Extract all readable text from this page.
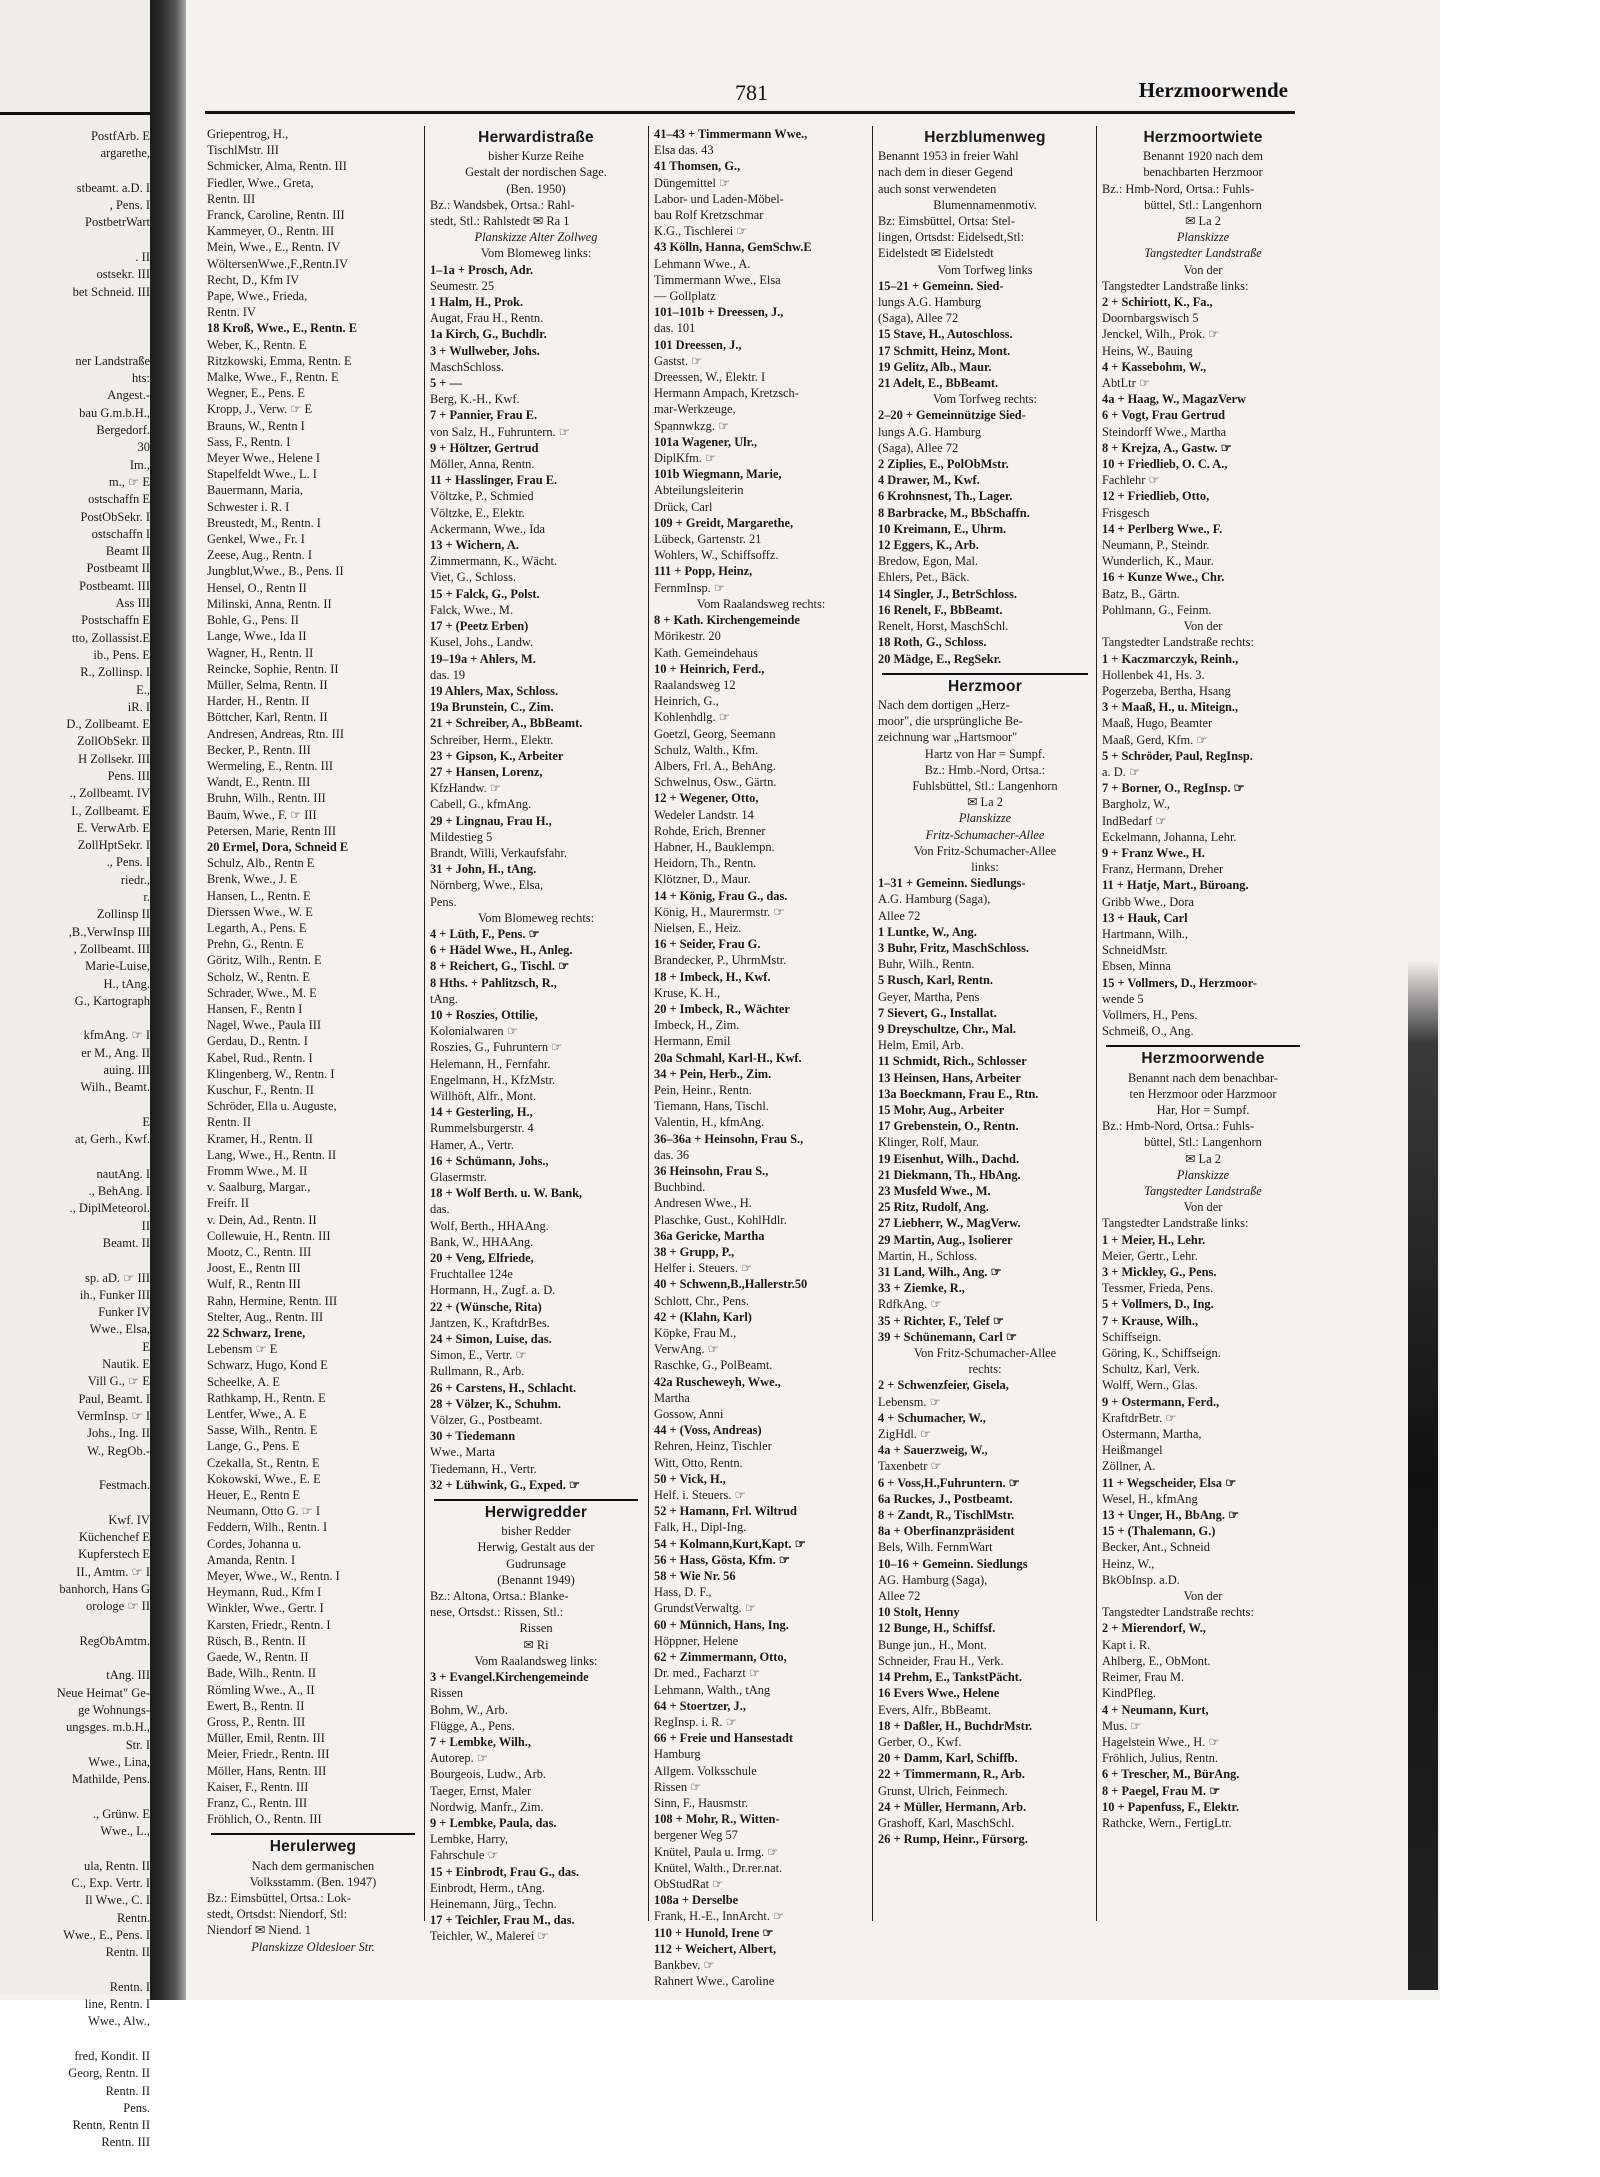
PostfArb. E
argarethe,
stbeamt. a.D. I
, Pens. I
PostbetrWart
. II
ostsekr. III
bet Schneid. III
ner Landstraße
hts:
Angest.-
bau G.m.b.H.,
Bergedorf.
30
Im.,
m., ☞ E
ostschaffn E
PostObSekr. I
ostschaffn I
Beamt II
Postbeamt II
Postbeamt. III
Ass III
Postschaffn E
tto, Zollassist.E
ib., Pens. E
R., Zollinsp. I
E.,
iR. I
D., Zollbeamt. E
ZollObSekr. II
H Zollsekr. III
Pens. III
., Zollbeamt. IV
I., Zollbeamt. E
E. VerwArb. E
ZollHptSekr. I
., Pens. I
riedr.,
r.
Zollinsp II
,B.,VerwInsp III
, Zollbeamt. III
Marie-Luise,
H., tAng.
G., Kartograph
kfmAng. ☞ I
er M., Ang. II
auing. III
Wilh., Beamt.
E
at, Gerh., Kwf.
nautAng. I
., BehAng. I
., DiplMeteorol.
II
Beamt. II
sp. aD. ☞ III
ih., Funker III
Funker IV
Wwe., Elsa,
E
Nautik. E
Vill G., ☞ E
Paul, Beamt. I
VermInsp. ☞ I
Johs., Ing. II
W., RegOb.-
Festmach.
Kwf. IV
Küchenchef E
Kupferstech E
II., Amtm. ☞ I
banhorch, Hans G
orologe ☞ II
RegObAmtm.
tAng. III
Neue Heimat" Ge-
ge Wohnungs-
ungsges. m.b.H.,
Str. I
Wwe., Lina,
Mathilde, Pens.
., Grünw. E
Wwe., L.,
ula, Rentn. II
C., Exp. Vertr. I
Il Wwe., C. I
Rentn.
Wwe., E., Pens. I
Rentn. II
Rentn. I
line, Rentn. I
Wwe., Alw.,
fred, Kondit. II
Georg, Rentn. II
Rentn. II
Pens.
Rentn, Rentn II
Rentn. III
781	Herzmoorwende
Griepentrog, H.,
TischlMstr. III
Schmicker, Alma, Rentn. III
Fiedler, Wwe., Greta,
Rentn. III
Franck, Caroline, Rentn. III
Kammeyer, O., Rentn. III
Mein, Wwe., E., Rentn. IV
WöltersenWwe.,F.,Rentn.IV
Recht, D., Kfm IV
Pape, Wwe., Frieda,
Rentn. IV
18 Kroß, Wwe., E., Rentn. E
Weber, K., Rentn. E
Ritzkowski, Emma, Rentn. E
Malke, Wwe., F., Rentn. E
Wegner, E., Pens. E
Kropp, J., Verw. ☞ E
Brauns, W., Rentn I
Sass, F., Rentn. I
Meyer Wwe., Helene I
Stapelfeldt Wwe., L. I
Bauermann, Maria,
Schwester i. R. I
Breustedt, M., Rentn. I
Genkel, Wwe., Fr. I
Zeese, Aug., Rentn. I
Jungblut,Wwe., B., Pens. II
Hensel, O., Rentn II
Milinski, Anna, Rentn. II
Bohle, G., Pens. II
Lange, Wwe., Ida II
Wagner, H., Rentn. II
Reincke, Sophie, Rentn. II
Müller, Selma, Rentn. II
Harder, H., Rentn. II
Böttcher, Karl, Rentn. II
Andresen, Andreas, Rtn. III
Becker, P., Rentn. III
Wermeling, E., Rentn. III
Wandt, E., Rentn. III
Bruhn, Wilh., Rentn. III
Baum, Wwe., F. ☞ III
Petersen, Marie, Rentn III
20 Ermel, Dora, Schneid E
Schulz, Alb., Rentn E
Brenk, Wwe., J. E
Hansen, L., Rentn. E
Dierssen Wwe., W. E
Legarth, A., Pens. E
Prehn, G., Rentn. E
Göritz, Wilh., Rentn. E
Scholz, W., Rentn. E
Schrader, Wwe., M. E
Hansen, F., Rentn I
Nagel, Wwe., Paula III
Gerdau, D., Rentn. I
Kabel, Rud., Rentn. I
Klingenberg, W., Rentn. I
Kuschur, F., Rentn. II
Schröder, Ella u. Auguste,
Rentn. II
Kramer, H., Rentn. II
Lang, Wwe., H., Rentn. II
Fromm Wwe., M. II
v. Saalburg, Margar.,
Freifr. II
v. Dein, Ad., Rentn. II
Collewuie, H., Rentn. III
Mootz, C., Rentn. III
Joost, E., Rentn III
Wulf, R., Rentn III
Rahn, Hermine, Rentn. III
Stelter, Aug., Rentn. III
22 Schwarz, Irene,
Lebensm ☞ E
Schwarz, Hugo, Kond E
Scheelke, A. E
Rathkamp, H., Rentn. E
Lentfer, Wwe., A. E
Sasse, Wilh., Rentn. E
Lange, G., Pens. E
Czekalla, St., Rentn. E
Kokowski, Wwe., E. E
Heuer, E., Rentn E
Neumann, Otto G. ☞ I
Feddern, Wilh., Rentn. I
Cordes, Johanna u.
Amanda, Rentn. I
Meyer, Wwe., W., Rentn. I
Heymann, Rud., Kfm I
Winkler, Wwe., Gertr. I
Karsten, Friedr., Rentn. I
Rüsch, B., Rentn. II
Gaede, W., Rentn. II
Bade, Wilh., Rentn. II
Römling Wwe., A., II
Ewert, B., Rentn. II
Gross, P., Rentn. III
Müller, Emil, Rentn. III
Meier, Friedr., Rentn. III
Möller, Hans, Rentn. III
Kaiser, F., Rentn. III
Franz, C., Rentn. III
Fröhlich, O., Rentn. III
Herulerweg
Nach dem germanischen
Volksstamm. (Ben. 1947)
Bz.: Eimsbüttel, Ortsa.: Lok-
stedt, Ortsdst: Niendorf, Stl:
Niendorf ✉ Niend. 1
Planskizze Oldesloer Str.
Herwardistraße
bisher Kurze Reihe
Gestalt der nordischen Sage.
(Ben. 1950)
Bz.: Wandsbek, Ortsa.: Rahl-
stedt, Stl.: Rahlstedt ✉ Ra 1
Planskizze Alter Zollweg
Vom Blomeweg links:
1–1a + Prosch, Adr.
Seumestr. 25
1 Halm, H., Prok.
Augat, Frau H., Rentn.
1a Kirch, G., Buchdlr.
3 + Wullweber, Johs.
MaschSchloss.
5 + —
Berg, K.-H., Kwf.
7 + Pannier, Frau E.
von Salz, H., Fuhruntern. ☞
9 + Höltzer, Gertrud
Möller, Anna, Rentn.
11 + Hasslinger, Frau E.
Völtzke, P., Schmied
Völtzke, E., Elektr.
Ackermann, Wwe., Ida
13 + Wichern, A.
Zimmermann, K., Wächt.
Viet, G., Schloss.
15 + Falck, G., Polst.
Falck, Wwe., M.
17 + (Peetz Erben)
Kusel, Johs., Landw.
19–19a + Ahlers, M.
das. 19
19 Ahlers, Max, Schloss.
19a Brunstein, C., Zim.
21 + Schreiber, A., BbBeamt.
Schreiber, Herm., Elektr.
23 + Gipson, K., Arbeiter
27 + Hansen, Lorenz,
KfzHandw. ☞
Cabell, G., kfmAng.
29 + Lingnau, Frau H.,
Mildestieg 5
Brandt, Willi, Verkaufsfahr.
31 + John, H., tAng.
Nörnberg, Wwe., Elsa,
Pens.
Vom Blomeweg rechts:
4 + Lüth, F., Pens. ☞
6 + Hädel Wwe., H., Anleg.
8 + Reichert, G., Tischl. ☞
8 Hths. + Pahlitzsch, R.,
tAng.
10 + Roszies, Ottilie,
Kolonialwaren ☞
Roszies, G., Fuhruntern ☞
Helemann, H., Fernfahr.
Engelmann, H., KfzMstr.
Willhöft, Alfr., Mont.
14 + Gesterling, H.,
Rummelsburgerstr. 4
Hamer, A., Vertr.
16 + Schümann, Johs.,
Glasermstr.
18 + Wolf Berth. u. W. Bank,
das.
Wolf, Berth., HHAAng.
Bank, W., HHAAng.
20 + Veng, Elfriede,
Fruchtallee 124e
Hormann, H., Zugf. a. D.
22 + (Wünsche, Rita)
Jantzen, K., KraftdrBes.
24 + Simon, Luise, das.
Simon, E., Vertr. ☞
Rullmann, R., Arb.
26 + Carstens, H., Schlacht.
28 + Völzer, K., Schuhm.
Völzer, G., Postbeamt.
30 + Tiedemann
Wwe., Marta
Tiedemann, H., Vertr.
32 + Lühwink, G., Exped. ☞
Herwigredder
bisher Redder
Herwig, Gestalt aus der
Gudrunsage
(Benannt 1949)
Bz.: Altona, Ortsa.: Blanke-
nese, Ortsdst.: Rissen, Stl.:
Rissen
✉ Ri
Vom Raalandsweg links:
3 + Evangel.Kirchengemeinde
Rissen
Bohm, W., Arb.
Flügge, A., Pens.
7 + Lembke, Wilh.,
Autorep. ☞
Bourgeois, Ludw., Arb.
Taeger, Ernst, Maler
Nordwig, Manfr., Zim.
9 + Lembke, Paula, das.
Lembke, Harry,
Fahrschule ☞
15 + Einbrodt, Frau G., das.
Einbrodt, Herm., tAng.
Heinemann, Jürg., Techn.
17 + Teichler, Frau M., das.
Teichler, W., Malerei ☞
41–43 + Timmermann Wwe.,
Elsa das. 43
41 Thomsen, G.,
Düngemittel ☞
Labor- und Laden-Möbel-
bau Rolf Kretzschmar
K.G., Tischlerei ☞
43 Kölln, Hanna, GemSchw.E
Lehmann Wwe., A.
Timmermann Wwe., Elsa
— Gollplatz
101–101b + Dreessen, J.,
das. 101
101 Dreessen, J.,
Gastst. ☞
Dreessen, W., Elektr. I
Hermann Ampach, Kretzsch-
mar-Werkzeuge,
Spannwkzg. ☞
101a Wagener, Ulr.,
DiplKfm. ☞
101b Wiegmann, Marie,
Abteilungsleiterin
Drück, Carl
109 + Greidt, Margarethe,
Lübeck, Gartenstr. 21
Wohlers, W., Schiffsoffz.
111 + Popp, Heinz,
FernmInsp. ☞
Vom Raalandsweg rechts:
8 + Kath. Kirchengemeinde
Mörikestr. 20
Kath. Gemeindehaus
10 + Heinrich, Ferd.,
Raalandsweg 12
Heinrich, G.,
Kohlenhdlg. ☞
Goetzl, Georg, Seemann
Schulz, Walth., Kfm.
Albers, Frl. A., BehAng.
Schwelnus, Osw., Gärtn.
12 + Wegener, Otto,
Wedeler Landstr. 14
Rohde, Erich, Brenner
Habner, H., Bauklempn.
Heidorn, Th., Rentn.
Klötzner, D., Maur.
14 + König, Frau G., das.
König, H., Maurermstr. ☞
Nielsen, E., Heiz.
16 + Seider, Frau G.
Brandecker, P., UhrmMstr.
18 + Imbeck, H., Kwf.
Kruse, K. H.,
20 + Imbeck, R., Wächter
Imbeck, H., Zim.
Hermann, Emil
20a Schmahl, Karl-H., Kwf.
34 + Pein, Herb., Zim.
Pein, Heinr., Rentn.
Tiemann, Hans, Tischl.
Valentin, H., kfmAng.
36–36a + Heinsohn, Frau S.,
das. 36
36 Heinsohn, Frau S.,
Buchbind.
Andresen Wwe., H.
Plaschke, Gust., KohlHdlr.
36a Gericke, Martha
38 + Grupp, P.,
Helfer i. Steuers. ☞
40 + Schwenn,B.,Hallerstr.50
Schlott, Chr., Pens.
42 + (Klahn, Karl)
Köpke, Frau M.,
VerwAng. ☞
Raschke, G., PolBeamt.
42a Ruscheweyh, Wwe.,
Martha
Gossow, Anni
44 + (Voss, Andreas)
Rehren, Heinz, Tischler
Witt, Otto, Rentn.
50 + Vick, H.,
Helf. i. Steuers. ☞
52 + Hamann, Frl. Wiltrud
Falk, H., Dipl-Ing.
54 + Kolmann,Kurt,Kapt. ☞
56 + Hass, Gösta, Kfm. ☞
58 + Wie Nr. 56
Hass, D. F.,
GrundstVerwaltg. ☞
60 + Münnich, Hans, Ing.
Höppner, Helene
62 + Zimmermann, Otto,
Dr. med., Facharzt ☞
Lehmann, Walth., tAng
64 + Stoertzer, J.,
RegInsp. i. R. ☞
66 + Freie und Hansestadt
Hamburg
Allgem. Volksschule
Rissen ☞
Sinn, F., Hausmstr.
108 + Mohr, R., Witten-
bergener Weg 57
Knütel, Paula u. Irmg. ☞
Knütel, Walth., Dr.rer.nat.
ObStudRat ☞
108a + Derselbe
Frank, H.-E., InnArcht. ☞
110 + Hunold, Irene ☞
112 + Weichert, Albert,
Bankbev. ☞
Rahnert Wwe., Caroline
Herzblumenweg
Benannt 1953 in freier Wahl
nach dem in dieser Gegend
auch sonst verwendeten
Blumennamenmotiv.
Bz: Eimsbüttel, Ortsa: Stel-
lingen, Ortsdst: Eidelsedt,Stl:
Eidelstedt ✉ Eidelstedt
Vom Torfweg links
15–21 + Gemeinn. Sied-
lungs A.G. Hamburg
(Saga), Allee 72
15 Stave, H., Autoschloss.
17 Schmitt, Heinz, Mont.
19 Gelitz, Alb., Maur.
21 Adelt, E., BbBeamt.
Vom Torfweg rechts:
2–20 + Gemeinnützige Sied-
lungs A.G. Hamburg
(Saga), Allee 72
2 Ziplies, E., PolObMstr.
4 Drawer, M., Kwf.
6 Krohnsnest, Th., Lager.
8 Barbracke, M., BbSchaffn.
10 Kreimann, E., Uhrm.
12 Eggers, K., Arb.
Bredow, Egon, Mal.
Ehlers, Pet., Bäck.
14 Singler, J., BetrSchloss.
16 Renelt, F., BbBeamt.
Renelt, Horst, MaschSchl.
18 Roth, G., Schloss.
20 Mädge, E., RegSekr.
Herzmoor
Nach dem dortigen „Herz-
moor", die ursprüngliche Be-
zeichnung war „Hartsmoor"
Hartz von Har = Sumpf.
Bz.: Hmb.-Nord, Ortsa.:
Fuhlsbüttel, Stl.: Langenhorn
✉ La 2
Planskizze
Fritz-Schumacher-Allee
Von Fritz-Schumacher-Allee
links:
1–31 + Gemeinn. Siedlungs-
A.G. Hamburg (Saga),
Allee 72
1 Luntke, W., Ang.
3 Buhr, Fritz, MaschSchloss.
Buhr, Wilh., Rentn.
5 Rusch, Karl, Rentn.
Geyer, Martha, Pens
7 Sievert, G., Installat.
9 Dreyschultze, Chr., Mal.
Helm, Emil, Arb.
11 Schmidt, Rich., Schlosser
13 Heinsen, Hans, Arbeiter
13a Boeckmann, Frau E., Rtn.
15 Mohr, Aug., Arbeiter
17 Grebenstein, O., Rentn.
Klinger, Rolf, Maur.
19 Eisenhut, Wilh., Dachd.
21 Diekmann, Th., HbAng.
23 Musfeld Wwe., M.
25 Ritz, Rudolf, Ang.
27 Liebherr, W., MagVerw.
29 Martin, Aug., Isolierer
Martin, H., Schloss.
31 Land, Wilh., Ang. ☞
33 + Ziemke, R.,
RdfkAng. ☞
35 + Richter, F., Telef ☞
39 + Schünemann, Carl ☞
Von Fritz-Schumacher-Allee
rechts:
2 + Schwenzfeier, Gisela,
Lebensm. ☞
4 + Schumacher, W.,
ZigHdl. ☞
4a + Sauerzweig, W.,
Taxenbetr ☞
6 + Voss,H.,Fuhruntern. ☞
6a Ruckes, J., Postbeamt.
8 + Zandt, R., TischlMstr.
8a + Oberfinanzpräsident
Bels, Wilh. FernmWart
10–16 + Gemeinn. Siedlungs
AG. Hamburg (Saga),
Allee 72
10 Stolt, Henny
12 Bunge, H., Schiffsf.
Bunge jun., H., Mont.
Schneider, Frau H., Verk.
14 Prehm, E., TankstPächt.
16 Evers Wwe., Helene
Evers, Alfr., BbBeamt.
18 + Daßler, H., BuchdrMstr.
Gerber, O., Kwf.
20 + Damm, Karl, Schiffb.
22 + Timmermann, R., Arb.
Grunst, Ulrich, Feinmech.
24 + Müller, Hermann, Arb.
Grashoff, Karl, MaschSchl.
26 + Rump, Heinr., Fürsorg.
Herzmoortwiete
Benannt 1920 nach dem
benachbarten Herzmoor
Bz.: Hmb-Nord, Ortsa.: Fuhls-
büttel, Stl.: Langenhorn
✉ La 2
Planskizze
Tangstedter Landstraße
Von der
Tangstedter Landstraße links:
2 + Schiriott, K., Fa.,
Doornbargswisch 5
Jenckel, Wilh., Prok. ☞
Heins, W., Bauing
4 + Kassebohm, W.,
AbtLtr ☞
4a + Haag, W., MagazVerw
6 + Vogt, Frau Gertrud
Steindorff Wwe., Martha
8 + Krejza, A., Gastw. ☞
10 + Friedlieb, O. C. A.,
Fachlehr ☞
12 + Friedlieb, Otto,
Frisgesch
14 + Perlberg Wwe., F.
Neumann, P., Steindr.
Wunderlich, K., Maur.
16 + Kunze Wwe., Chr.
Batz, B., Gärtn.
Pohlmann, G., Feinm.
Von der
Tangstedter Landstraße rechts:
1 + Kaczmarczyk, Reinh.,
Hollenbek 41, Hs. 3.
Pogerzeba, Bertha, Hsang
3 + Maaß, H., u. Miteign.,
Maaß, Hugo, Beamter
Maaß, Gerd, Kfm. ☞
5 + Schröder, Paul, RegInsp.
a. D. ☞
7 + Borner, O., RegInsp. ☞
Bargholz, W.,
IndBedarf ☞
Eckelmann, Johanna, Lehr.
9 + Franz Wwe., H.
Franz, Hermann, Dreher
11 + Hatje, Mart., Büroang.
Gribb Wwe., Dora
13 + Hauk, Carl
Hartmann, Wilh.,
SchneidMstr.
Ebsen, Minna
15 + Vollmers, D., Herzmoor-
wende 5
Vollmers, H., Pens.
Schmeiß, O., Ang.
Herzmoorwende
Benannt nach dem benachbar-
ten Herzmoor oder Harzmoor
Har, Hor = Sumpf.
Bz.: Hmb-Nord, Ortsa.: Fuhls-
büttel, Stl.: Langenhorn
✉ La 2
Planskizze
Tangstedter Landstraße
Von der
Tangstedter Landstraße links:
1 + Meier, H., Lehr.
Meier, Gertr., Lehr.
3 + Mickley, G., Pens.
Tessmer, Frieda, Pens.
5 + Vollmers, D., Ing.
7 + Krause, Wilh.,
Schiffseign.
Göring, K., Schiffseign.
Schultz, Karl, Verk.
Wolff, Wern., Glas.
9 + Ostermann, Ferd.,
KraftdrBetr. ☞
Ostermann, Martha,
Heißmangel
Zöllner, A.
11 + Wegscheider, Elsa ☞
Wesel, H., kfmAng
13 + Unger, H., BbAng. ☞
15 + (Thalemann, G.)
Becker, Ant., Schneid
Heinz, W.,
BkObInsp. a.D.
Von der
Tangstedter Landstraße rechts:
2 + Mierendorf, W.,
Kapt i. R.
Ahlberg, E., ObMont.
Reimer, Frau M.
KindPfleg.
4 + Neumann, Kurt,
Mus. ☞
Hagelstein Wwe., H. ☞
Fröhlich, Julius, Rentn.
6 + Trescher, M., BürAng.
8 + Paegel, Frau M. ☞
10 + Papenfuss, F., Elektr.
Rathcke, Wern., FertigLtr.
